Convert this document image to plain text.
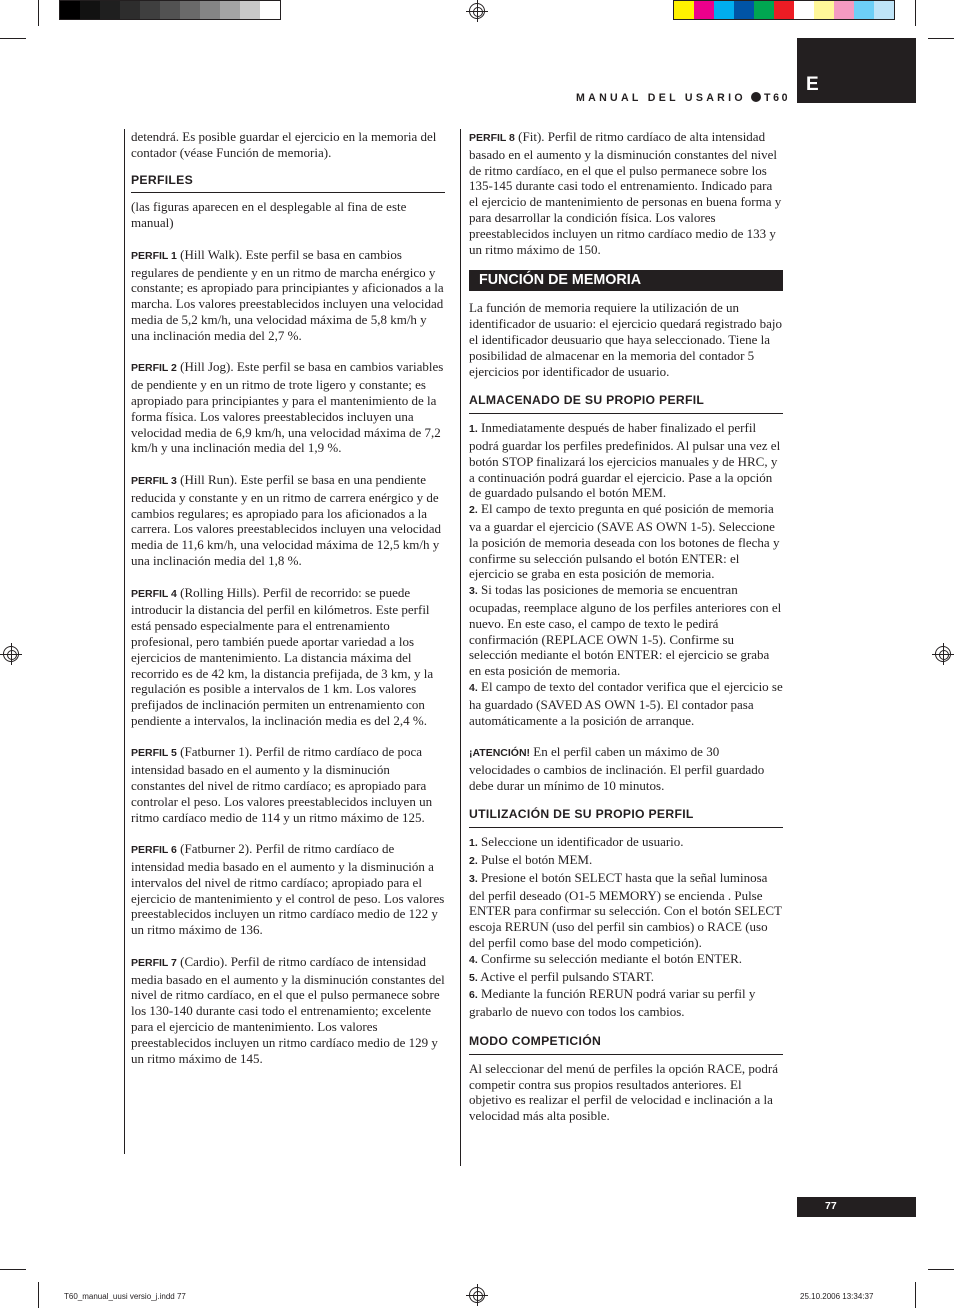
MANUAL DEL USARIO T60
E

detendrá. Es posible guardar el ejercicio en la memoria del contador (véase Función de memoria).

PERFILES

(las figuras aparecen en el desplegable al fina de este manual)

PERFIL 1 (Hill Walk). Este perfil se basa en cambios regulares de pendiente y en un ritmo de marcha enérgico y constante; es apropiado para principiantes y aficionados a la marcha. Los valores preestablecidos incluyen una velocidad media de 5,2 km/h, una velocidad máxima de 5,8 km/h y una inclinación media del 2,7 %.

PERFIL 2 (Hill Jog). Este perfil se basa en cambios variables de pendiente y en un ritmo de trote ligero y constante; es apropiado para principiantes y para el mantenimiento de la forma física. Los valores preestablecidos incluyen una velocidad media de 6,9 km/h, una velocidad máxima de 7,2 km/h y una inclinación media del 1,9 %.

PERFIL 3 (Hill Run). Este perfil se basa en una pendiente reducida y constante y en un ritmo de carrera enérgico y de cambios regulares; es apropiado para los aficionados a la carrera. Los valores preestablecidos incluyen una velocidad media de 11,6 km/h, una velocidad máxima de 12,5 km/h y una inclinación media del 1,8 %.

PERFIL 4 (Rolling Hills). Perfil de recorrido: se puede introducir la distancia del perfil en kilómetros. Este perfil está pensado especialmente para el entrenamiento profesional, pero también puede aportar variedad a los ejercicios de mantenimiento. La distancia máxima del recorrido es de 42 km, la distancia prefijada, de 3 km, y la regulación es posible a intervalos de 1 km. Los valores prefijados de inclinación permiten un entrenamiento con pendiente a intervalos, la inclinación media es del 2,4 %.

PERFIL 5 (Fatburner 1). Perfil de ritmo cardíaco de poca intensidad basado en el aumento y la disminución constantes del nivel de ritmo cardíaco; es apropiado para controlar el peso. Los valores preestablecidos incluyen un ritmo cardíaco medio de 114 y un ritmo máximo de 125.

PERFIL 6 (Fatburner 2). Perfil de ritmo cardíaco de intensidad media basado en el aumento y la disminución a intervalos del nivel de ritmo cardíaco; apropiado para el ejercicio de mantenimiento y el control de peso. Los valores preestablecidos incluyen un ritmo cardíaco medio de 122 y un ritmo máximo de 136.

PERFIL 7 (Cardio). Perfil de ritmo cardíaco de intensidad media basado en el aumento y la disminución constantes del nivel de ritmo cardíaco, en el que el pulso permanece sobre los 130-140 durante casi todo el entrenamiento; excelente para el ejercicio de mantenimiento. Los valores preestablecidos incluyen un ritmo cardíaco medio de 129 y un ritmo máximo de 145.

PERFIL 8 (Fit). Perfil de ritmo cardíaco de alta intensidad basado en el aumento y la disminución constantes del nivel de ritmo cardíaco, en el que el pulso permanece sobre los 135-145 durante casi todo el entrenamiento. Indicado para el ejercicio de mantenimiento de personas en buena forma y para desarrollar la condición física. Los valores preestablecidos incluyen un ritmo cardíaco medio de 133 y un ritmo máximo de 150.

FUNCIÓN DE MEMORIA

La función de memoria requiere la utilización de un identificador de usuario: el ejercicio quedará registrado bajo el identificador deusuario que haya seleccionado. Tiene la posibilidad de almacenar en la memoria del contador 5 ejercicios por identificador de usuario.

ALMACENADO DE SU PROPIO PERFIL

1. Inmediatamente después de haber finalizado el perfil podrá guardar los perfiles predefinidos. Al pulsar una vez el botón STOP finalizará los ejercicios manuales y de HRC, y a continuación podrá guardar el ejercicio. Pase a la opción de guardado pulsando el botón MEM.

2. El campo de texto pregunta en qué posición de memoria va a guardar el ejercicio (SAVE AS OWN 1-5). Seleccione la posición de memoria deseada con los botones de flecha y confirme su selección pulsando el botón ENTER: el ejercicio se graba en esta posición de memoria.

3. Si todas las posiciones de memoria se encuentran ocupadas, reemplace alguno de los perfiles anteriores con el nuevo. En este caso, el campo de texto le pedirá confirmación (REPLACE OWN 1-5). Confirme su selección mediante el botón ENTER: el ejercicio se graba en esta posición de memoria.

4. El campo de texto del contador verifica que el ejercicio se ha guardado (SAVED AS OWN 1-5). El contador pasa automáticamente a la posición de arranque.

¡ATENCIÓN! En el perfil caben un máximo de 30 velocidades o cambios de inclinación. El perfil guardado debe durar un mínimo de 10 minutos.

UTILIZACIÓN DE SU PROPIO PERFIL

1. Seleccione un identificador de usuario.

2. Pulse el botón MEM.

3. Presione el botón SELECT hasta que la señal luminosa del perfil deseado (O1-5 MEMORY) se encienda . Pulse ENTER para confirmar su selección. Con el botón SELECT escoja RERUN (uso del perfil sin cambios) o RACE (uso del perfil como base del modo competición).

4. Confirme su selección mediante el botón ENTER.

5. Active el perfil pulsando START.

6. Mediante la función RERUN podrá variar su perfil y grabarlo de nuevo con todos los cambios.

MODO COMPETICIÓN

Al seleccionar del menú de perfiles la opción RACE, podrá competir contra sus propios resultados anteriores. El objetivo es realizar el perfil de velocidad e inclinación a la velocidad más alta posible.

77
T60_manual_uusi versio_j.indd 77	25.10.2006 13:34:37
